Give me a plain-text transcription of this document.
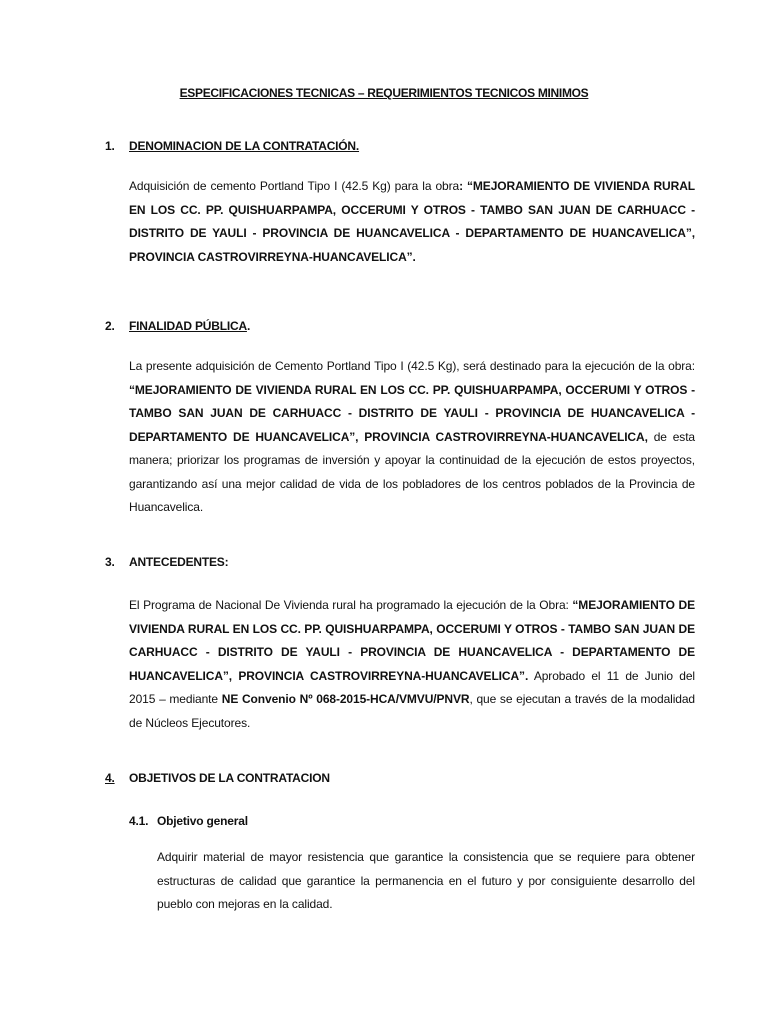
ESPECIFICACIONES TECNICAS – REQUERIMIENTOS TECNICOS MINIMOS
1. DENOMINACION DE LA CONTRATACIÓN.
Adquisición de cemento Portland Tipo I (42.5 Kg) para la obra: “MEJORAMIENTO DE VIVIENDA RURAL EN LOS CC. PP. QUISHUARPAMPA, OCCERUMI Y OTROS - TAMBO SAN JUAN DE CARHUACC - DISTRITO DE YAULI - PROVINCIA DE HUANCAVELICA - DEPARTAMENTO DE HUANCAVELICA”, PROVINCIA CASTROVIRREYNA-HUANCAVELICA”.
2. FINALIDAD PÚBLICA.
La presente adquisición de Cemento Portland Tipo I (42.5 Kg), será destinado para la ejecución de la obra: “MEJORAMIENTO DE VIVIENDA RURAL EN LOS CC. PP. QUISHUARPAMPA, OCCERUMI Y OTROS - TAMBO SAN JUAN DE CARHUACC - DISTRITO DE YAULI - PROVINCIA DE HUANCAVELICA - DEPARTAMENTO DE HUANCAVELICA”, PROVINCIA CASTROVIRREYNA-HUANCAVELICA, de esta manera; priorizar los programas de inversión y apoyar la continuidad de la ejecución de estos proyectos, garantizando así una mejor calidad de vida de los pobladores de los centros poblados de la Provincia de Huancavelica.
3. ANTECEDENTES:
El Programa de Nacional De Vivienda rural ha programado la ejecución de la Obra: “MEJORAMIENTO DE VIVIENDA RURAL EN LOS CC. PP. QUISHUARPAMPA, OCCERUMI Y OTROS - TAMBO SAN JUAN DE CARHUACC - DISTRITO DE YAULI - PROVINCIA DE HUANCAVELICA - DEPARTAMENTO DE HUANCAVELICA”, PROVINCIA CASTROVIRREYNA-HUANCAVELICA”. Aprobado el 11 de Junio del 2015 – mediante NE Convenio Nº 068-2015-HCA/VMVU/PNVR, que se ejecutan a través de la modalidad de Núcleos Ejecutores.
4. OBJETIVOS DE LA CONTRATACION
4.1. Objetivo general
Adquirir material de mayor resistencia que garantice la consistencia que se requiere para obtener estructuras de calidad que garantice la permanencia en el futuro y por consiguiente desarrollo del pueblo con mejoras en la calidad.
